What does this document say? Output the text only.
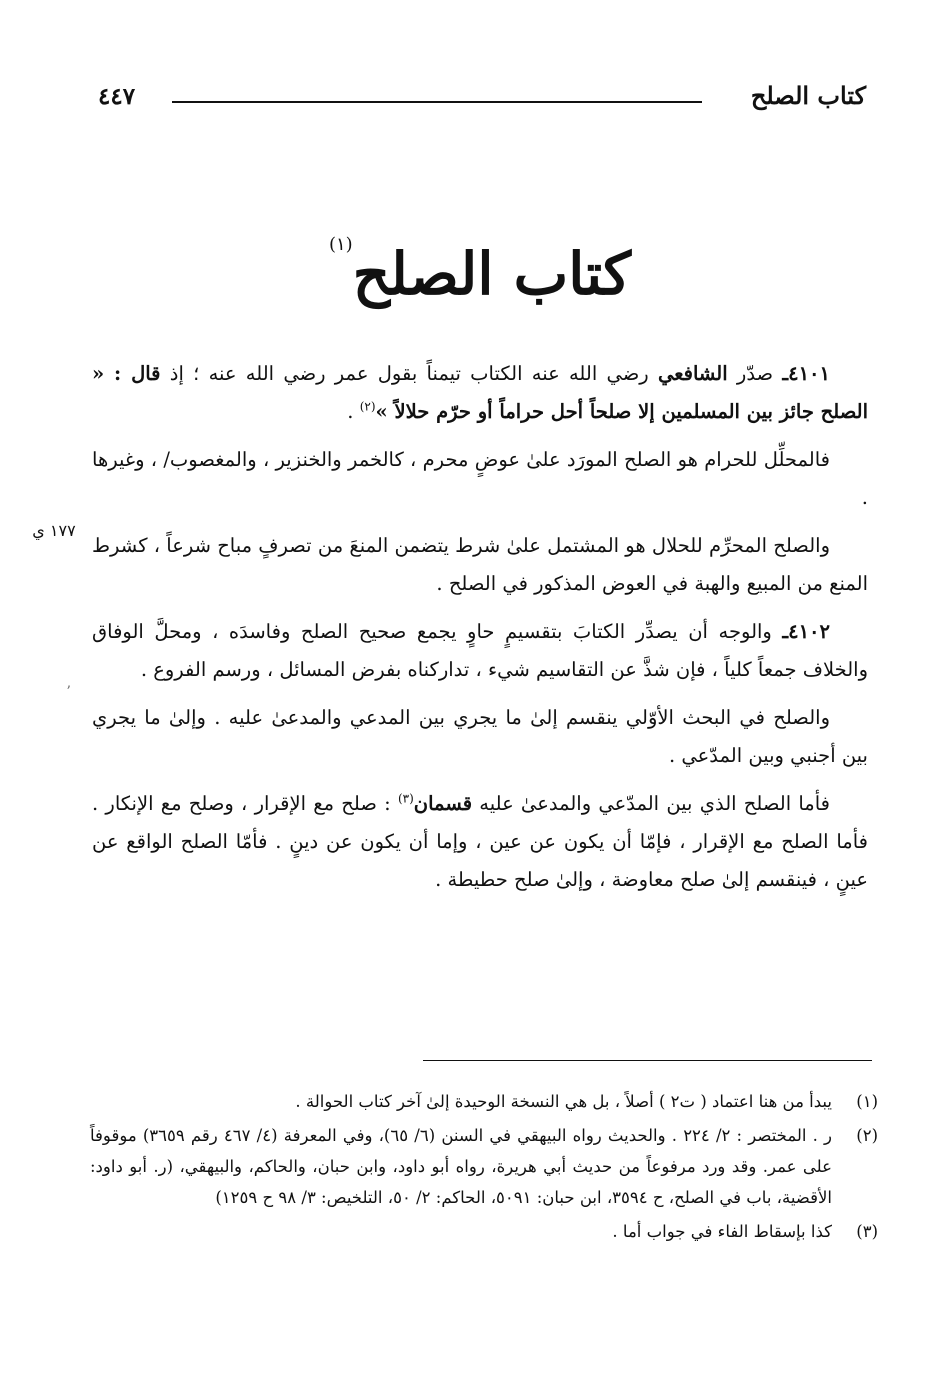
كتاب الصلح
٤٤٧
كتاب الصلح(١)
١٧٧ ي
ʼ

٤١٠١ـ صدّر الشافعي رضي الله عنه الكتاب تيمناً بقول عمر رضي الله عنه ؛ إذ قال : « الصلح جائز بين المسلمين إلا صلحاً أحل حراماً أو حرّم حلالاً »$^{(٢)}$ .

فالمحلِّل للحرام هو الصلح المورَد علىٰ عوضٍ محرم ، كالخمر والخنزير ، والمغصوب/ ، وغيرها .

والصلح المحرِّم للحلال هو المشتمل علىٰ شرط يتضمن المنعَ من تصرفٍ مباح شرعاً ، كشرط المنع من المبيع والهبة في العوض المذكور في الصلح .

٤١٠٢ـ والوجه أن يصدِّر الكتابَ بتقسيمٍ حاوٍ يجمع صحيح الصلح وفاسدَه ، ومحلَّ الوفاق والخلاف جمعاً كلياً ، فإن شذَّ عن التقاسيم شيء ، تداركناه بفرض المسائل ، ورسم الفروع .

والصلح في البحث الأوّلي ينقسم إلىٰ ما يجري بين المدعي والمدعىٰ عليه . وإلىٰ ما يجري بين أجنبي وبين المدّعي .

فأما الصلح الذي بين المدّعي والمدعىٰ عليه قسمان$^{(٣)}$ : صلح مع الإقرار ، وصلح مع الإنكار . فأما الصلح مع الإقرار ، فإمّا أن يكون عن عين ، وإما أن يكون عن دينٍ . فأمّا الصلح الواقع عن عينٍ ، فينقسم إلىٰ صلح معاوضة ، وإلىٰ صلح حطيطة .

(١)
يبدأ من هنا اعتماد ( ت٢ ) أصلاً ، بل هي النسخة الوحيدة إلىٰ آخر كتاب الحوالة .
(٢)
ر . المختصر : ٢/ ٢٢٤ . والحديث رواه البيهقي في السنن (٦/ ٦٥)، وفي المعرفة (٤/ ٤٦٧ رقم ٣٦٥٩) موقوفاً على عمر. وقد ورد مرفوعاً من حديث أبي هريرة، رواه أبو داود، وابن حبان، والحاكم، والبيهقي، (ر. أبو داود: الأقضية، باب في الصلح، ح ٣٥٩٤، ابن حبان: ٥٠٩١، الحاكم: ٢/ ٥٠، التلخيص: ٣/ ٩٨ ح ١٢٥٩)
(٣)
كذا بإسقاط الفاء في جواب أما .
